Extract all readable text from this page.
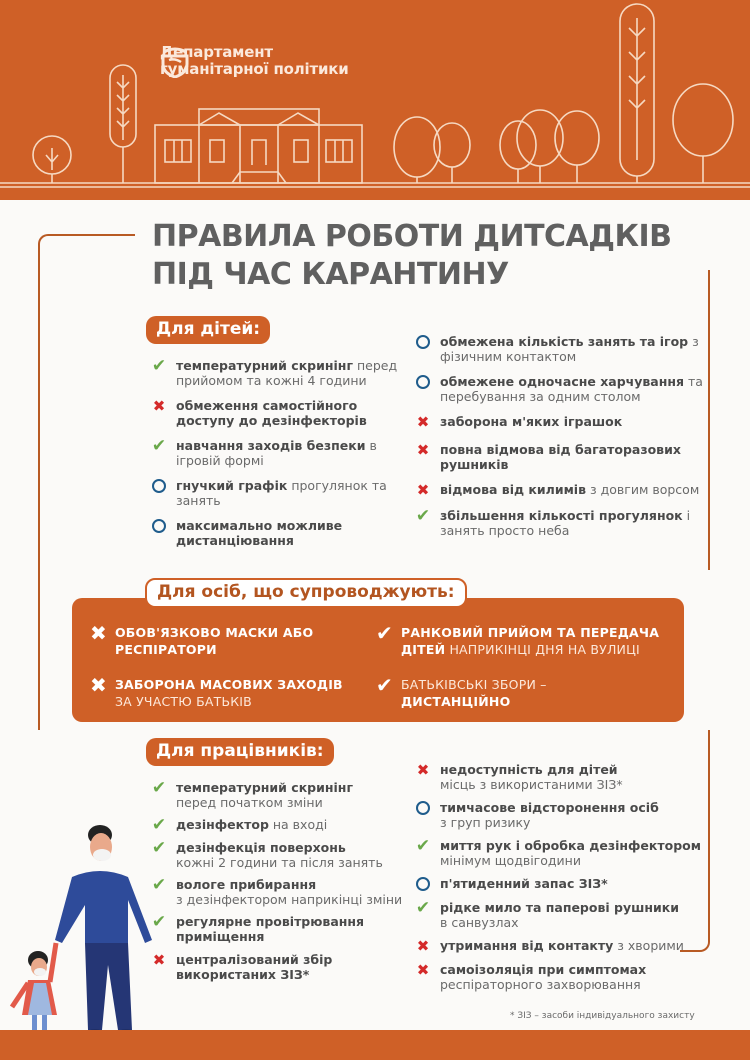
Департамент
гуманітарної політики
ПРАВИЛА РОБОТИ ДИТСАДКІВ
ПІД ЧАС КАРАНТИНУ
Для дітей:
✔ температурний скринінг перед прийомом та кожні 4 години
✖ обмеження самостійного доступу до дезінфекторів
✔ навчання заходів безпеки в ігровій формі
гнучкий графік прогулянок та занять
максимально можливе дистанціювання
обмежена кількість занять та ігор з фізичним контактом
обмежене одночасне харчування та перебування за одним столом
✖ заборона м'яких іграшок
✖ повна відмова від багаторазових рушників
✖ відмова від килимів з довгим ворсом
✔ збільшення кількості прогулянок і занять просто неба
Для осіб, що супроводжують:
✖ ОБОВ'ЯЗКОВО МАСКИ АБО РЕСПІРАТОРИ
✖ ЗАБОРОНА МАСОВИХ ЗАХОДІВ ЗА УЧАСТЮ БАТЬКІВ
✔ РАНКОВИЙ ПРИЙОМ ТА ПЕРЕДАЧА ДІТЕЙ НАПРИКІНЦІ ДНЯ НА ВУЛИЦІ
✔ БАТЬКІВСЬКІ ЗБОРИ – ДИСТАНЦІЙНО
Для працівників:
✔ температурний скринінг
перед початком зміни
✔ дезінфектор на вході
✔ дезінфекція поверхонь
кожні 2 години та після занять
✔ вологе прибирання
з дезінфектором наприкінці зміни
✔ регулярне провітрювання приміщення
✖ централізований збір використаних ЗІЗ*
✖ недоступність для дітей
місць з використаними ЗІЗ*
тимчасове відсторонення осіб
з груп ризику
✔ миття рук і обробка дезінфектором
мінімум щодвігодини
п'ятиденний запас ЗІЗ*
✔ рідке мило та паперові рушники
в санвузлах
✖ утримання від контакту з хворими
✖ самоізоляція при симптомах
респіраторного захворювання
* ЗІЗ – засоби індивідуального захисту
